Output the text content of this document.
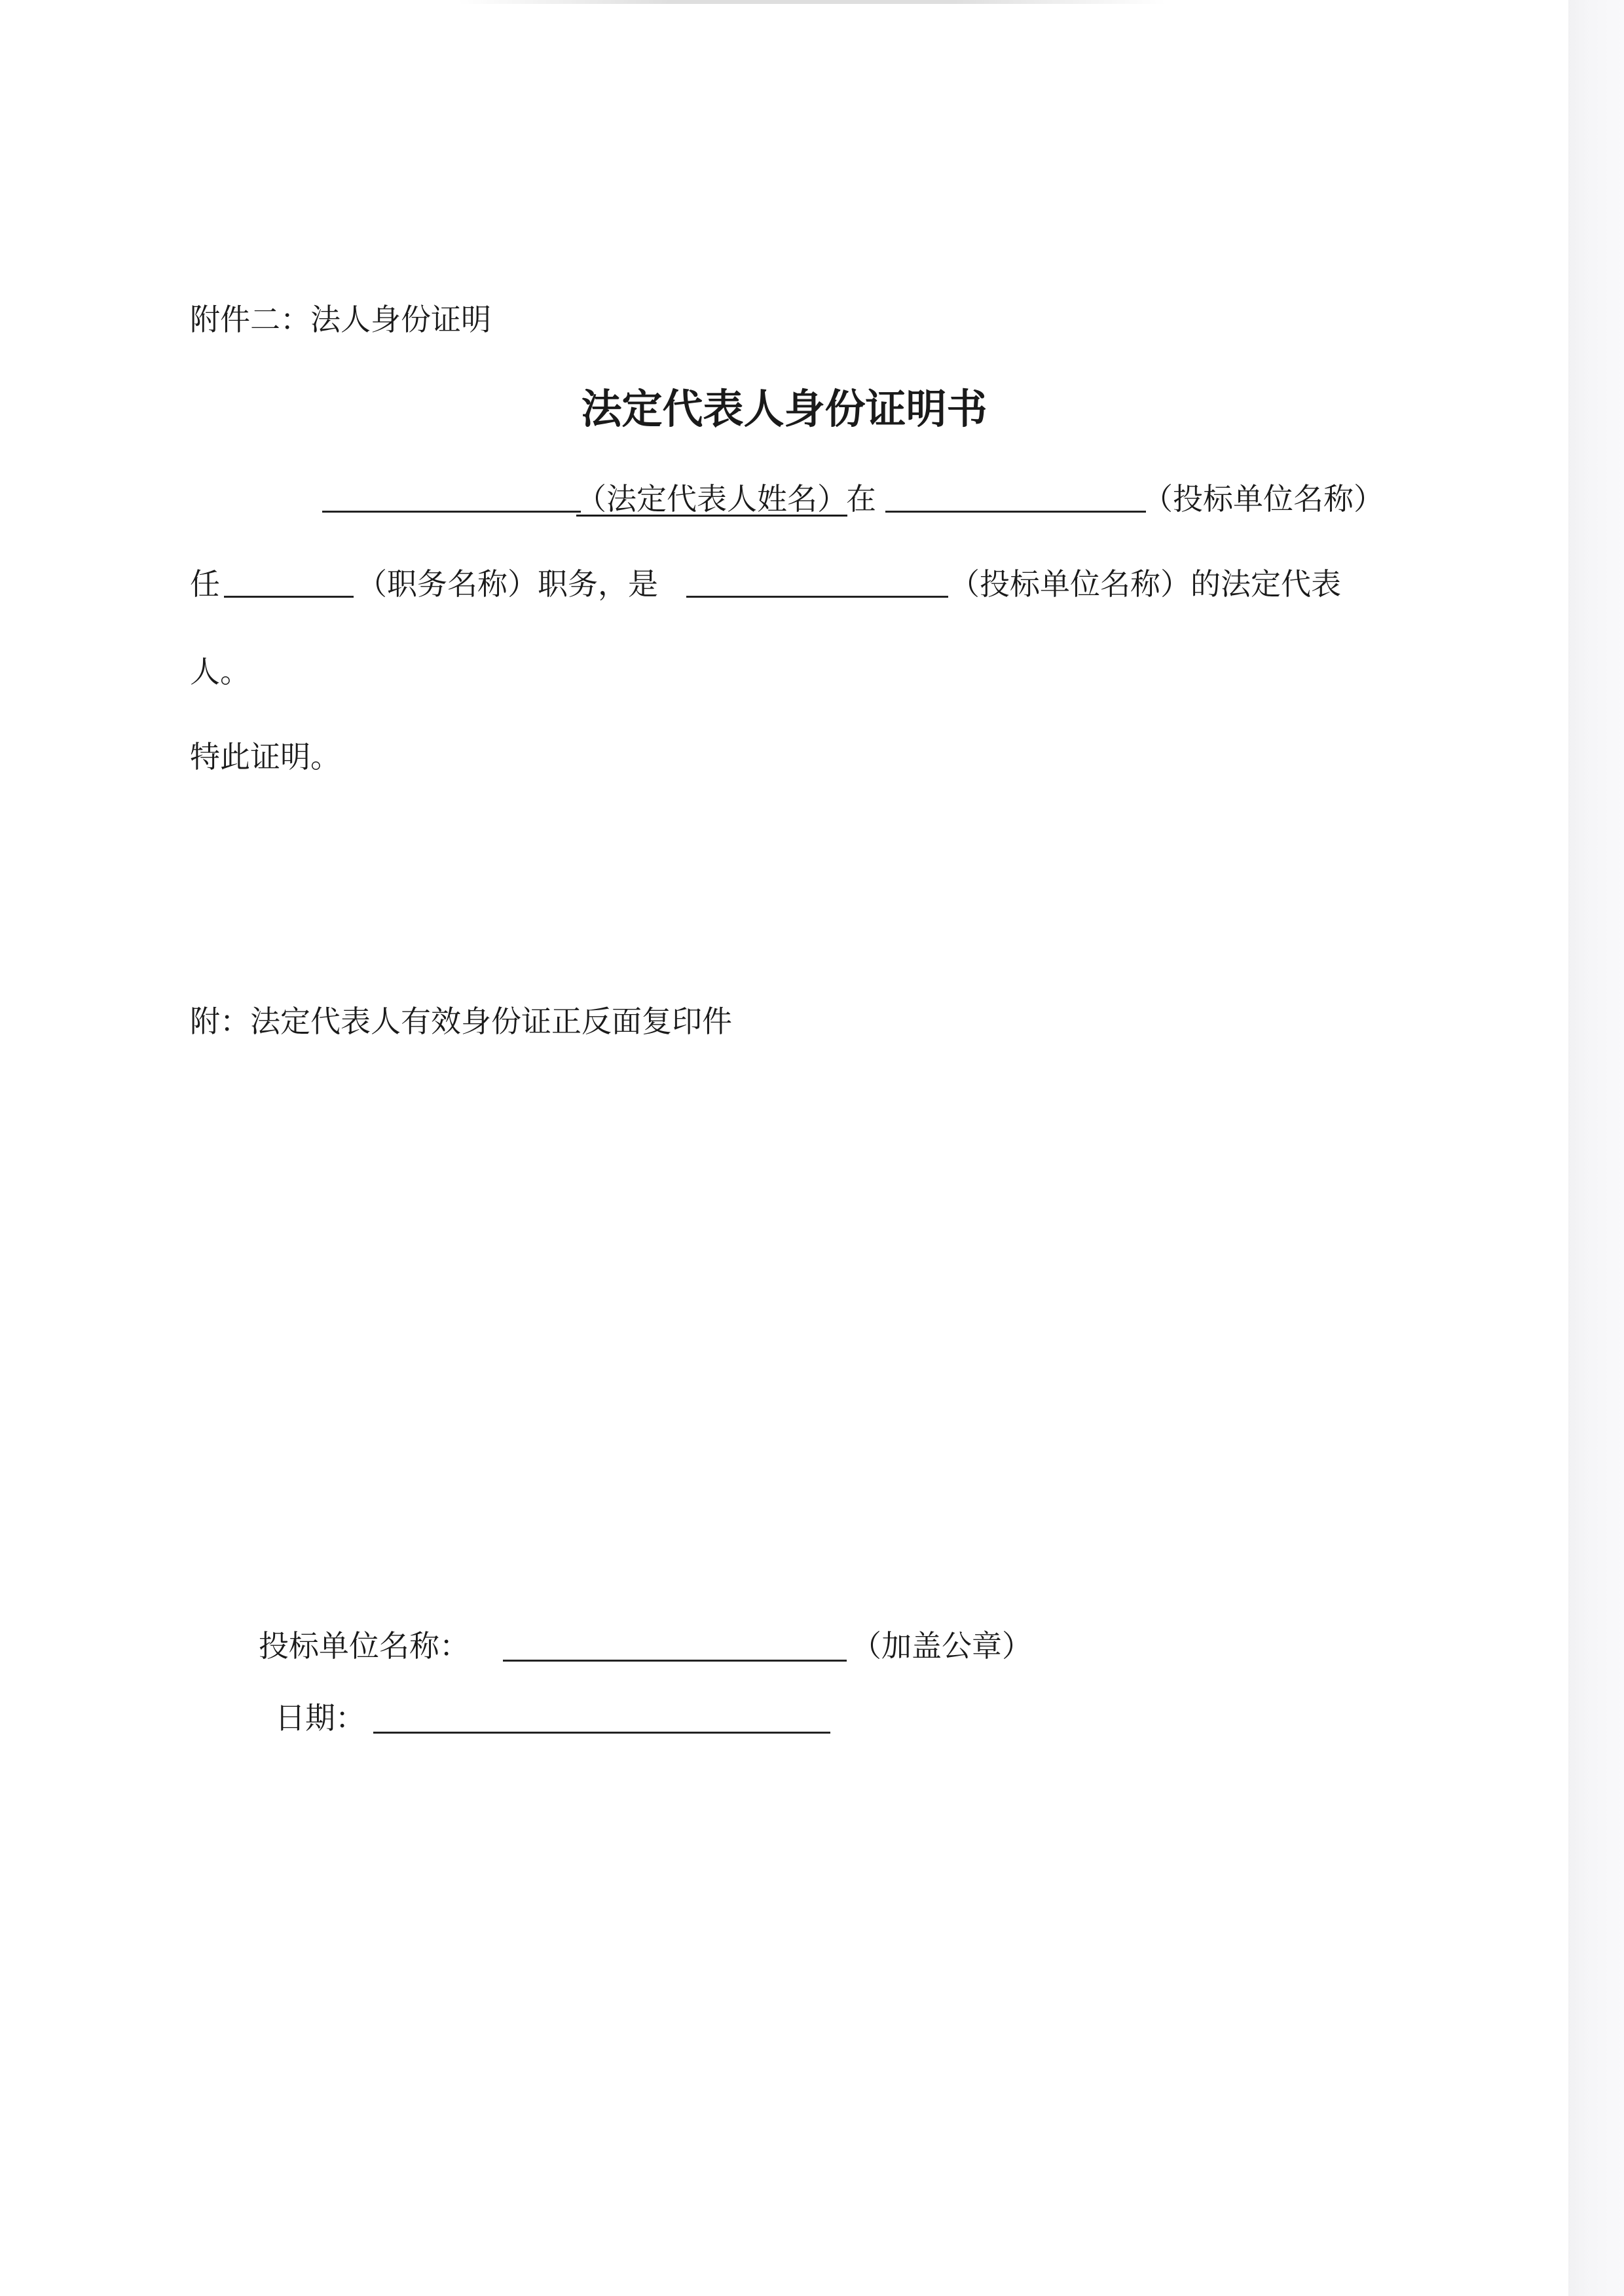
附件二：法人身份证明
法定代表人身份证明书
（法定代表人姓名）
在	（投标单位名称）
任	（职务名称）职务，是	（投标单位名称）的法定代表
人。
特此证明。
附：法定代表人有效身份证正反面复印件
投标单位名称：	（加盖公章）
日期：
